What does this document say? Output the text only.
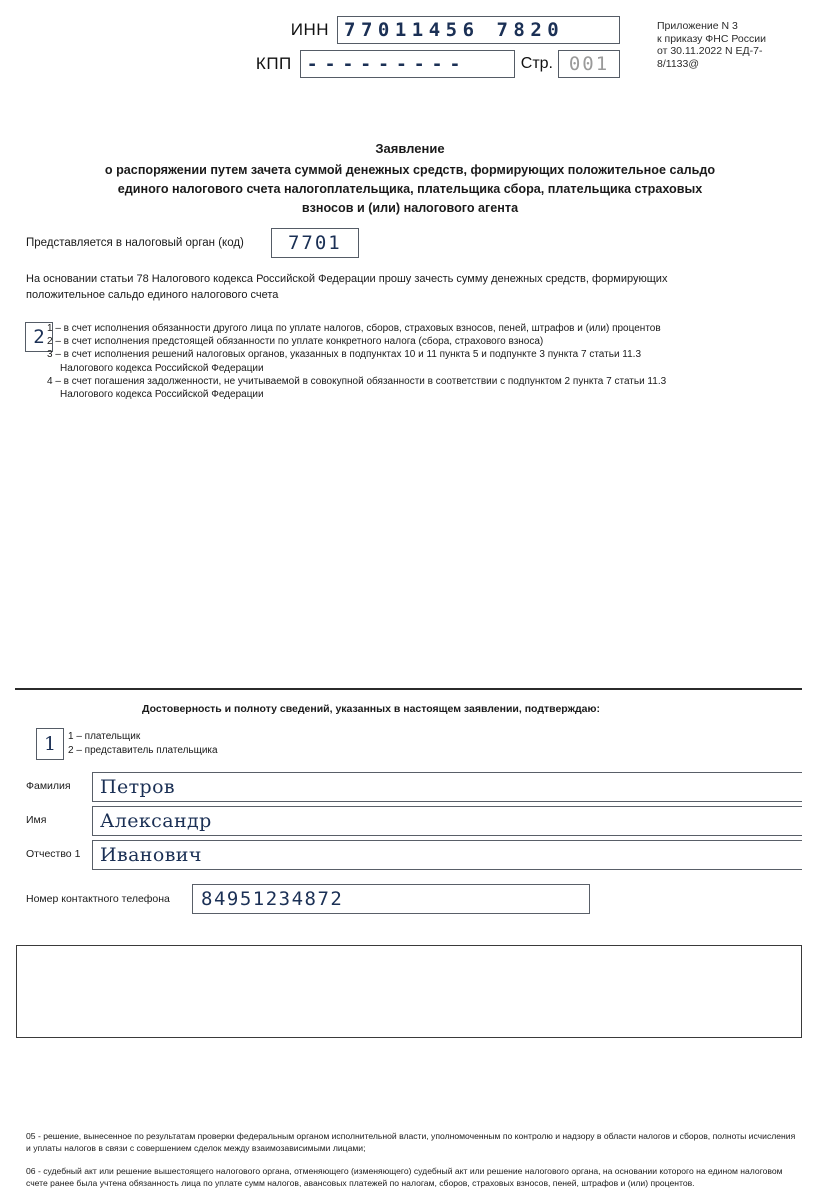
ИНН 77011456 7820
КПП ---------	Стр. 001
Приложение N 3
к приказу ФНС России
от 30.11.2022 N ЕД-7-
8/1133@
Заявление
о распоряжении путем зачета суммой денежных средств, формирующих положительное сальдо
единого налогового счета налогоплательщика, плательщика сбора, плательщика страховых
взносов и (или) налогового агента
Представляется в налоговый орган (код) 7701
На основании статьи 78 Налогового кодекса Российской Федерации прошу зачесть сумму денежных средств, формирующих положительное сальдо единого налогового счета
2 1 – в счет исполнения обязанности другого лица по уплате налогов, сборов, страховых взносов, пеней, штрафов и (или) процентов
2 – в счет исполнения предстоящей обязанности по уплате конкретного налога (сбора, страхового взноса)
3 – в счет исполнения решений налоговых органов, указанных в подпунктах 10 и 11 пункта 5 и подпункте 3 пункта 7 статьи 11.3
Налогового кодекса Российской Федерации
4 – в счет погашения задолженности, не учитываемой в совокупной обязанности в соответствии с подпунктом 2 пункта 7 статьи 11.3
Налогового кодекса Российской Федерации
Достоверность и полноту сведений, указанных в настоящем заявлении, подтверждаю:
1 1 – плательщик
2 – представитель плательщика
Фамилия	Петров
Имя	Александр
Отчество 1	Иванович
Номер контактного телефона 84951234872
05 - решение, вынесенное по результатам проверки федеральным органом исполнительной власти, уполномоченным по контролю и надзору в области налогов и сборов, полноты исчисления и уплаты налогов в связи с совершением сделок между взаимозависимыми лицами;
06 - судебный акт или решение вышестоящего налогового органа, отменяющего (изменяющего) судебный акт или решение налогового органа, на основании которого на едином налоговом счете ранее была учтена обязанность лица по уплате сумм налогов, авансовых платежей по налогам, сборов, страховых взносов, пеней, штрафов и (или) процентов.
